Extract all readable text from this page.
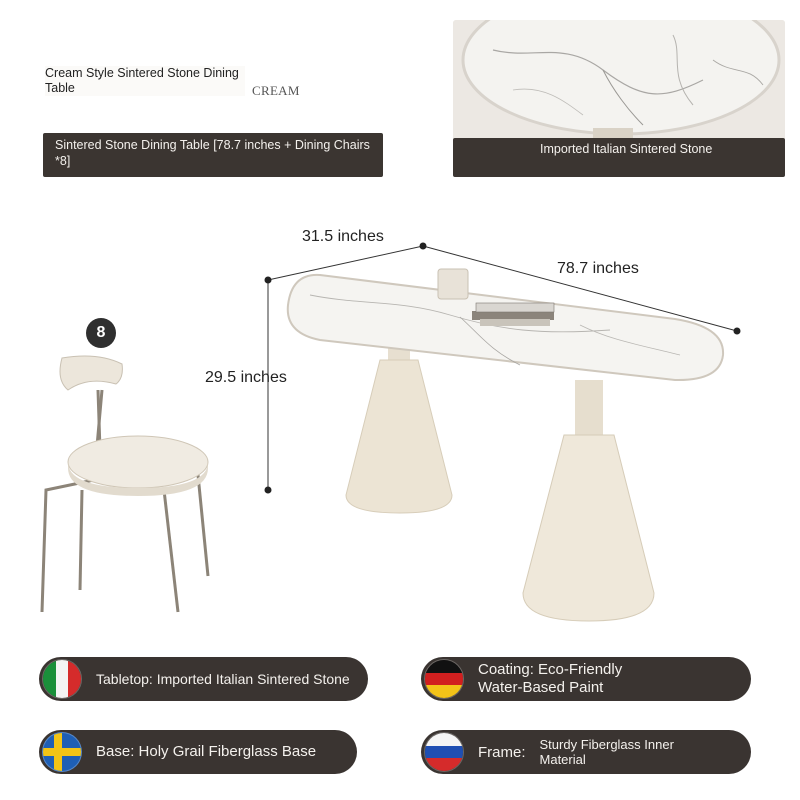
Cream Style Sintered Stone Dining Table	CREAM
Sintered Stone Dining Table [78.7 inches + Dining Chairs *8]
Imported Italian Sintered Stone
31.5 inches
78.7 inches
29.5 inches
8
Tabletop: Imported Italian Sintered Stone
Coating: Eco-Friendly Water-Based Paint
Base: Holy Grail Fiberglass Base	Frame: Sturdy Fiberglass Inner Material
